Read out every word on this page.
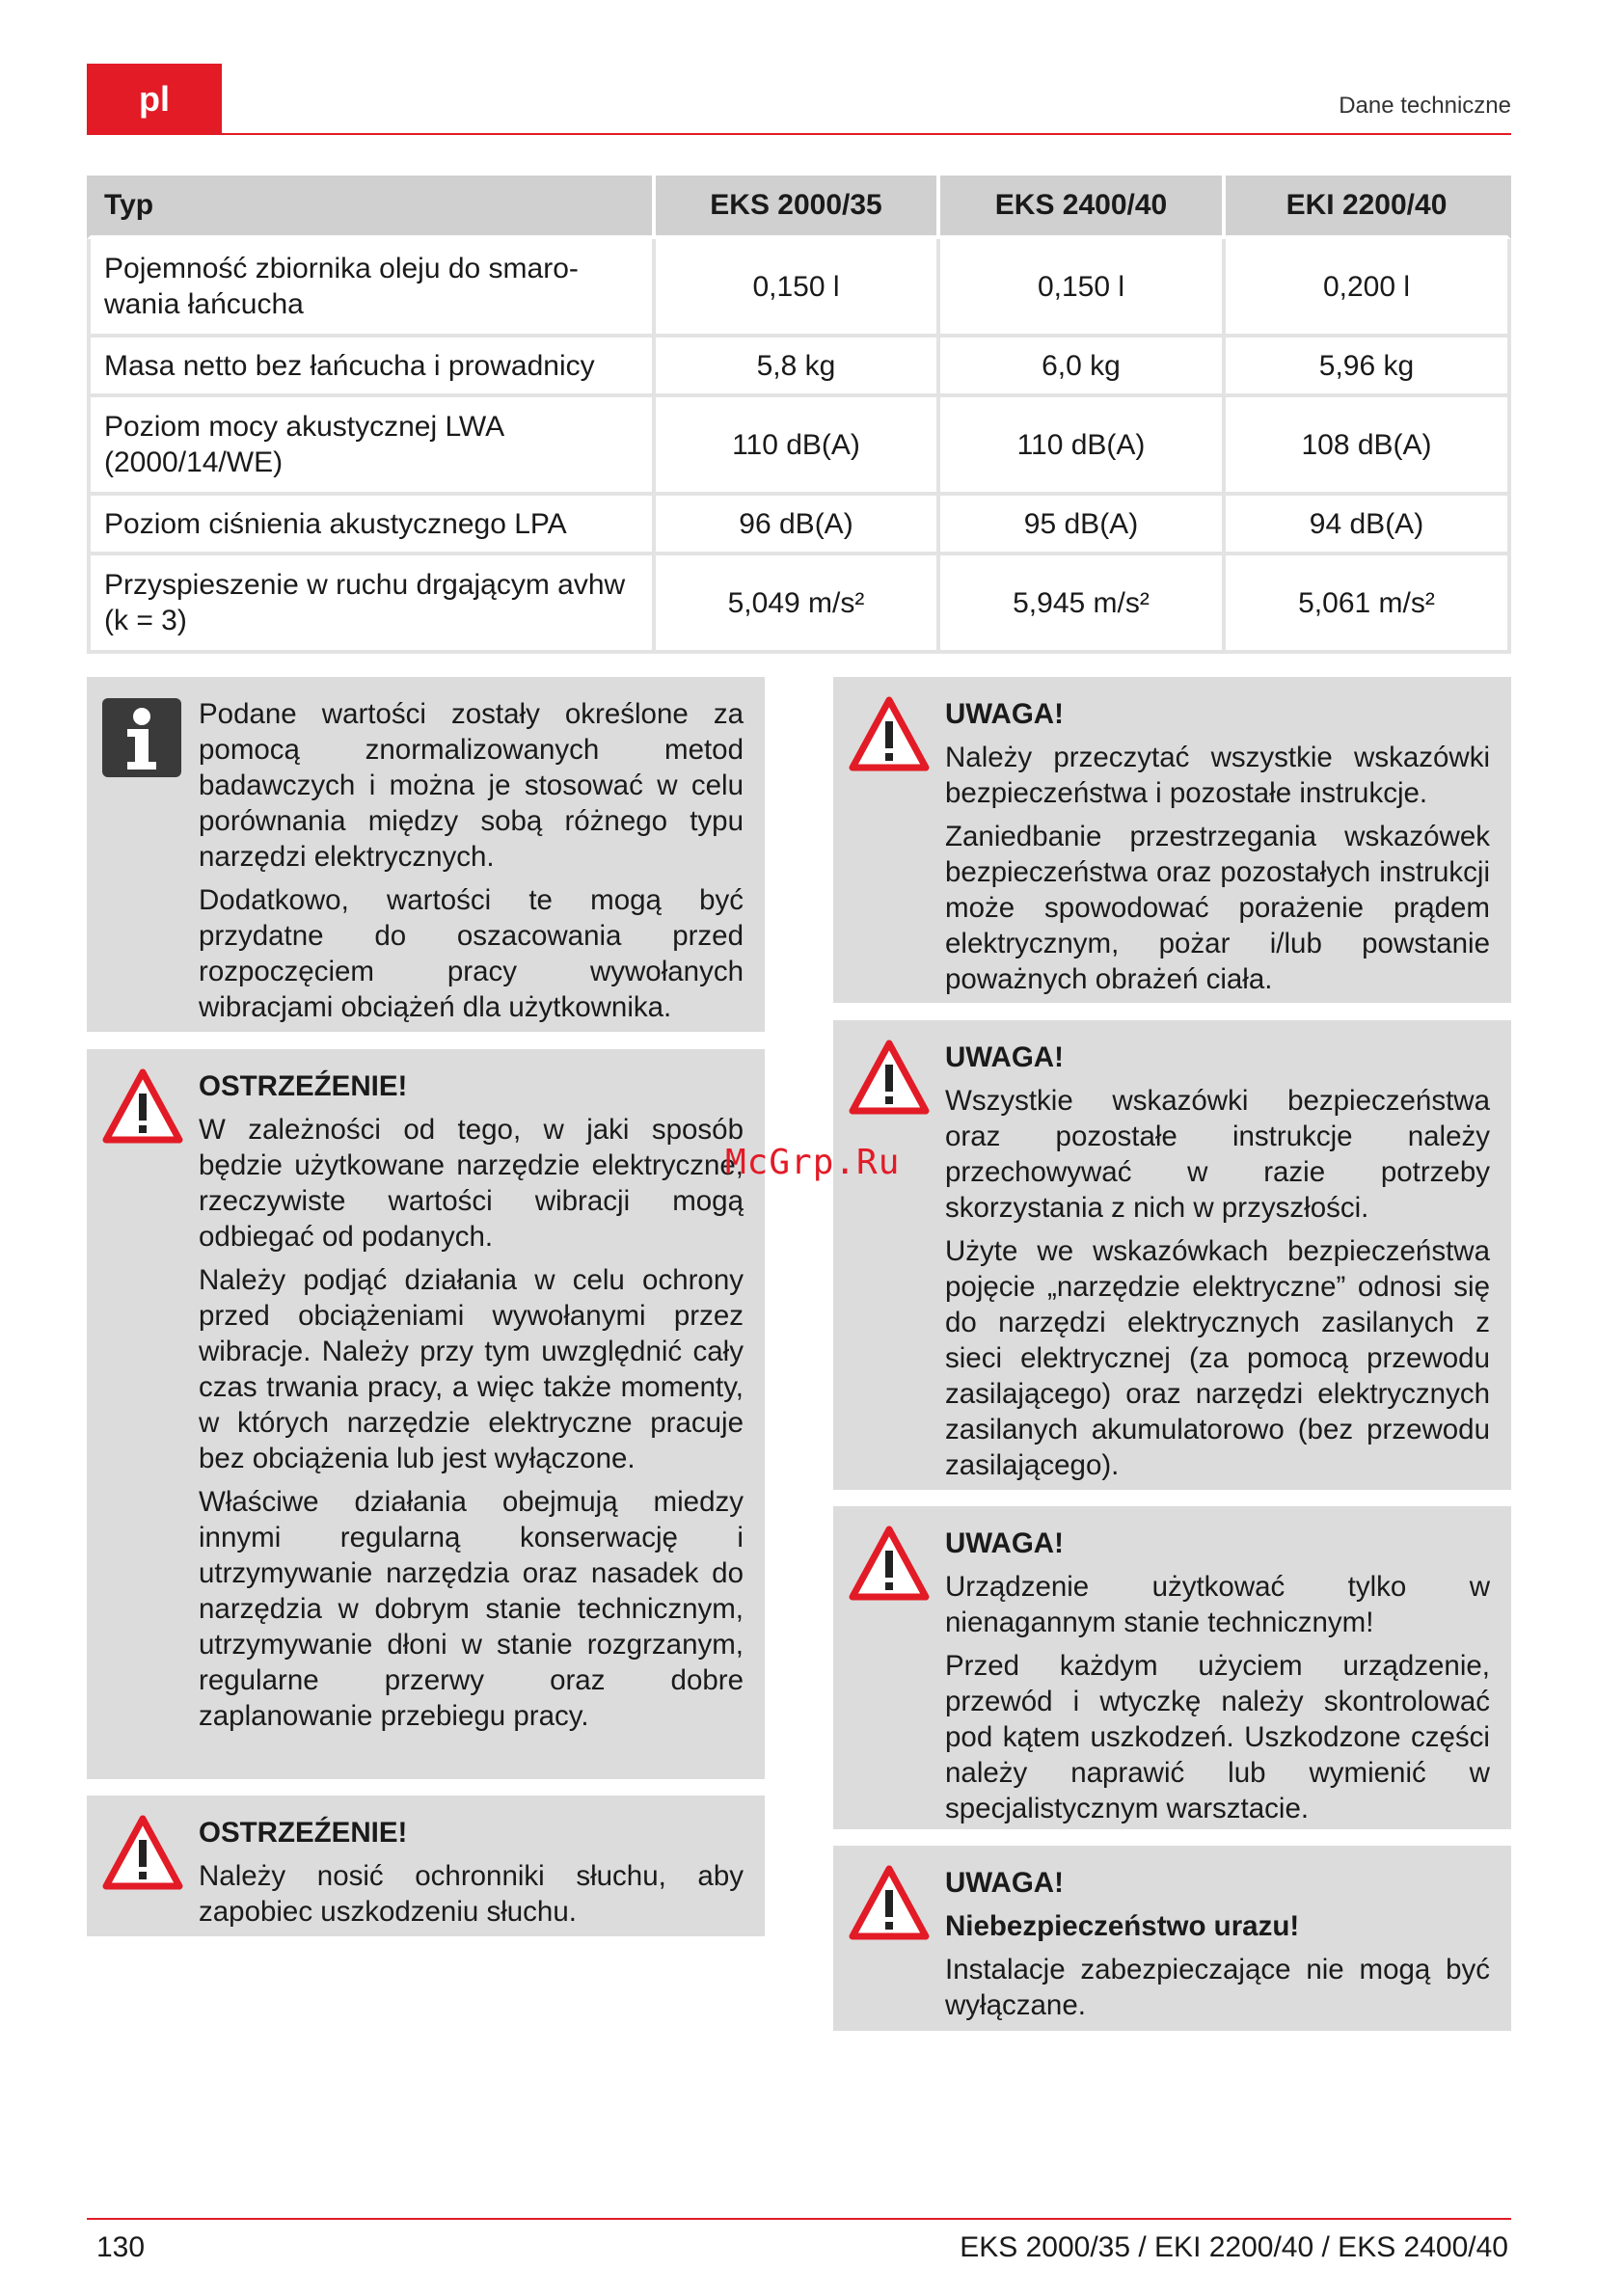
pl	Dane techniczne
Typ	EKS 2000/35	EKS 2400/40	EKI 2200/40
Pojemność zbiornika oleju do smaro- wania łańcucha	0,150 l	0,150 l	0,200 l
Masa netto bez łańcucha i prowadnicy	5,8 kg	6,0 kg	5,96 kg
Poziom mocy akustycznej LWA (2000/14/WE)	110 dB(A)	110 dB(A)	108 dB(A)
Poziom ciśnienia akustycznego LPA	96 dB(A)	95 dB(A)	94 dB(A)
Przyspieszenie w ruchu drgającym avhw (k = 3)	5,049 m/s²	5,945 m/s²	5,061 m/s²

Podane wartości zostały określone za pomocą znormalizowanych metod badawczych i można je stosować w celu porównania między sobą różnego typu narzędzi elektrycznych.

Dodatkowo, wartości te mogą być przydatne do oszacowania przed rozpoczęciem pracy wywołanych wibracjami obciążeń dla użytkownika.

OSTRZEŹENIE!

W zależności od tego, w jaki sposób będzie użytkowane narzędzie elektryczne, rzeczywiste wartości wibracji mogą odbiegać od podanych.

Należy podjąć działania w celu ochrony przed obciążeniami wywołanymi przez wibracje. Należy przy tym uwzględnić cały czas trwania pracy, a więc także momenty, w których narzędzie elektryczne pracuje bez obciążenia lub jest wyłączone.

Właściwe działania obejmują miedzy innymi regularną konserwację i utrzymywanie narzędzia oraz nasadek do narzędzia w dobrym stanie technicznym, utrzymywanie dłoni w stanie rozgrzanym, regularne przerwy oraz dobre zaplanowanie przebiegu pracy.

OSTRZEŹENIE!

Należy nosić ochronniki słuchu, aby zapobiec uszkodzeniu słuchu.

UWAGA!

Należy przeczytać wszystkie wskazówki bezpieczeństwa i pozostałe instrukcje.

Zaniedbanie przestrzegania wskazówek bezpieczeństwa oraz pozostałych instrukcji może spowodować porażenie prądem elektrycznym, pożar i/lub powstanie poważnych obrażeń ciała.

UWAGA!

Wszystkie wskazówki bezpieczeństwa oraz pozostałe instrukcje należy przechowywać w razie potrzeby skorzystania z nich w przyszłości.

Użyte we wskazówkach bezpieczeństwa pojęcie „narzędzie elektryczne” odnosi się do narzędzi elektrycznych zasilanych z sieci elektrycznej (za pomocą przewodu zasilającego) oraz narzędzi elektrycznych zasilanych akumulatorowo (bez przewodu zasilającego).

UWAGA!

Urządzenie użytkować tylko w nienagannym stanie technicznym!

Przed każdym użyciem urządzenie, przewód i wtyczkę należy skontrolować pod kątem uszkodzeń. Uszkodzone części należy naprawić lub wymienić w specjalistycznym warsztacie.

UWAGA!
Niebezpieczeństwo urazu!

Instalacje zabezpieczające nie mogą być wyłączane.

McGrp.Ru
130	EKS 2000/35 / EKI 2200/40 / EKS 2400/40
